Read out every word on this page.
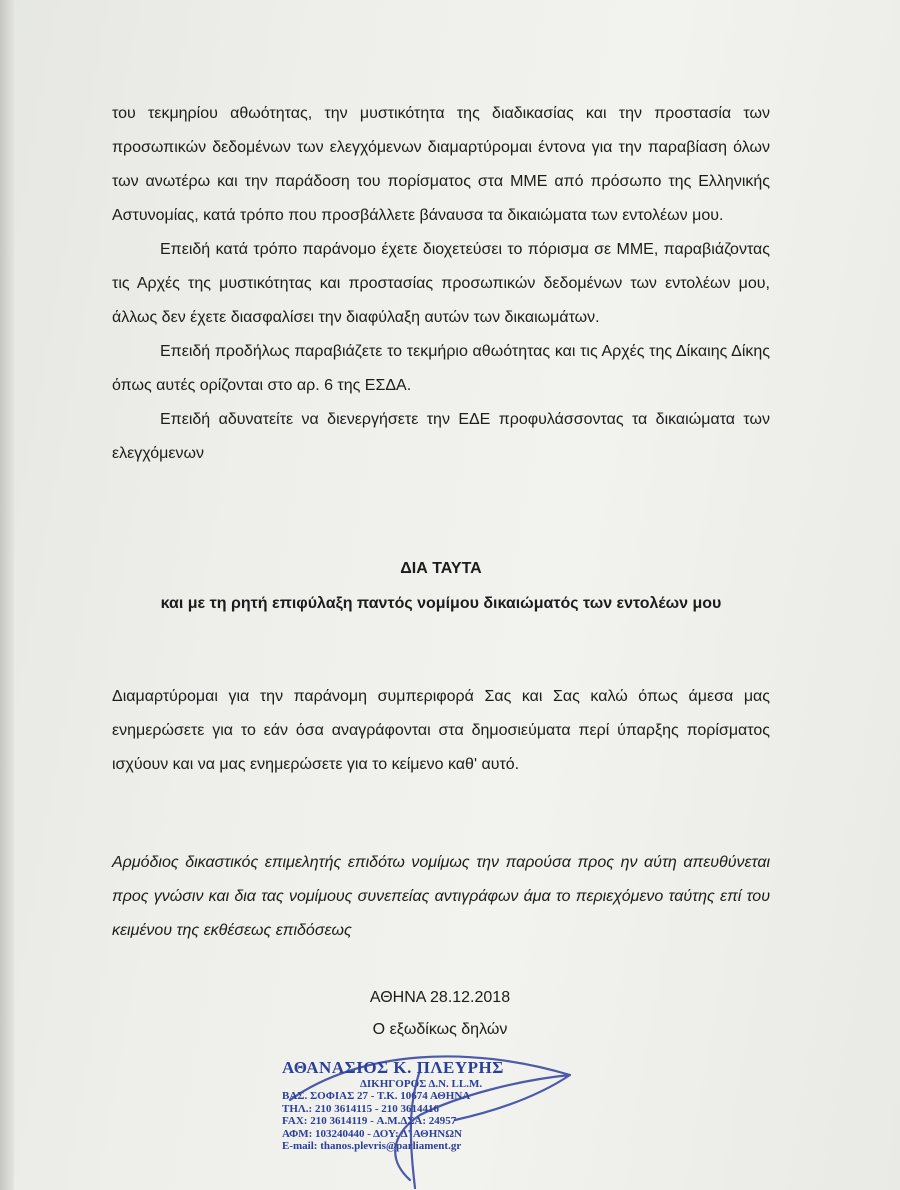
του τεκμηρίου αθωότητας, την μυστικότητα της διαδικασίας και την προστασία των προσωπικών δεδομένων των ελεγχόμενων διαμαρτύρομαι έντονα για την παραβίαση όλων των ανωτέρω και την παράδοση του πορίσματος στα ΜΜΕ από πρόσωπο της Ελληνικής Αστυνομίας, κατά τρόπο που προσβάλλετε βάναυσα τα δικαιώματα των εντολέων μου.

Επειδή κατά τρόπο παράνομο έχετε διοχετεύσει το πόρισμα σε ΜΜΕ, παραβιάζοντας τις Αρχές της μυστικότητας και προστασίας προσωπικών δεδομένων των εντολέων μου, άλλως δεν έχετε διασφαλίσει την διαφύλαξη αυτών των δικαιωμάτων.

Επειδή προδήλως παραβιάζετε το τεκμήριο αθωότητας και τις Αρχές της Δίκαιης Δίκης όπως αυτές ορίζονται στο αρ. 6 της ΕΣΔΑ.

Επειδή αδυνατείτε να διενεργήσετε την ΕΔΕ προφυλάσσοντας τα δικαιώματα των ελεγχόμενων

ΔΙΑ ΤΑΥΤΑ
και με τη ρητή επιφύλαξη παντός νομίμου δικαιώματός των εντολέων μου

Διαμαρτύρομαι για την παράνομη συμπεριφορά Σας και Σας καλώ όπως άμεσα μας ενημερώσετε για το εάν όσα αναγράφονται στα δημοσιεύματα περί ύπαρξης πορίσματος ισχύουν και να μας ενημερώσετε για το κείμενο καθ' αυτό.

Αρμόδιος δικαστικός επιμελητής επιδότω νομίμως την παρούσα προς ην αύτη απευθύνεται προς γνώσιν και δια τας νομίμους συνεπείας αντιγράφων άμα το περιεχόμενο ταύτης επί του κειμένου της εκθέσεως επιδόσεως

ΑΘΗΝΑ 28.12.2018
Ο εξωδίκως δηλών
ΑΘΑΝΑΣΙΟΣ Κ. ΠΛΕΥΡΗΣ
ΔΙΚΗΓΟΡΟΣ Δ.Ν. LL.M.
ΒΑΣ. ΣΟΦΙΑΣ 27 - Τ.Κ. 10674 ΑΘΗΝΑ
ΤΗΛ.: 210 3614115 - 210 3614416
FAX: 210 3614119 - Α.Μ.ΔΣΑ: 24957
ΑΦΜ: 103240440 - ΔΟΥ: Δ' ΑΘΗΝΩΝ
E-mail: thanos.plevris@parliament.gr
